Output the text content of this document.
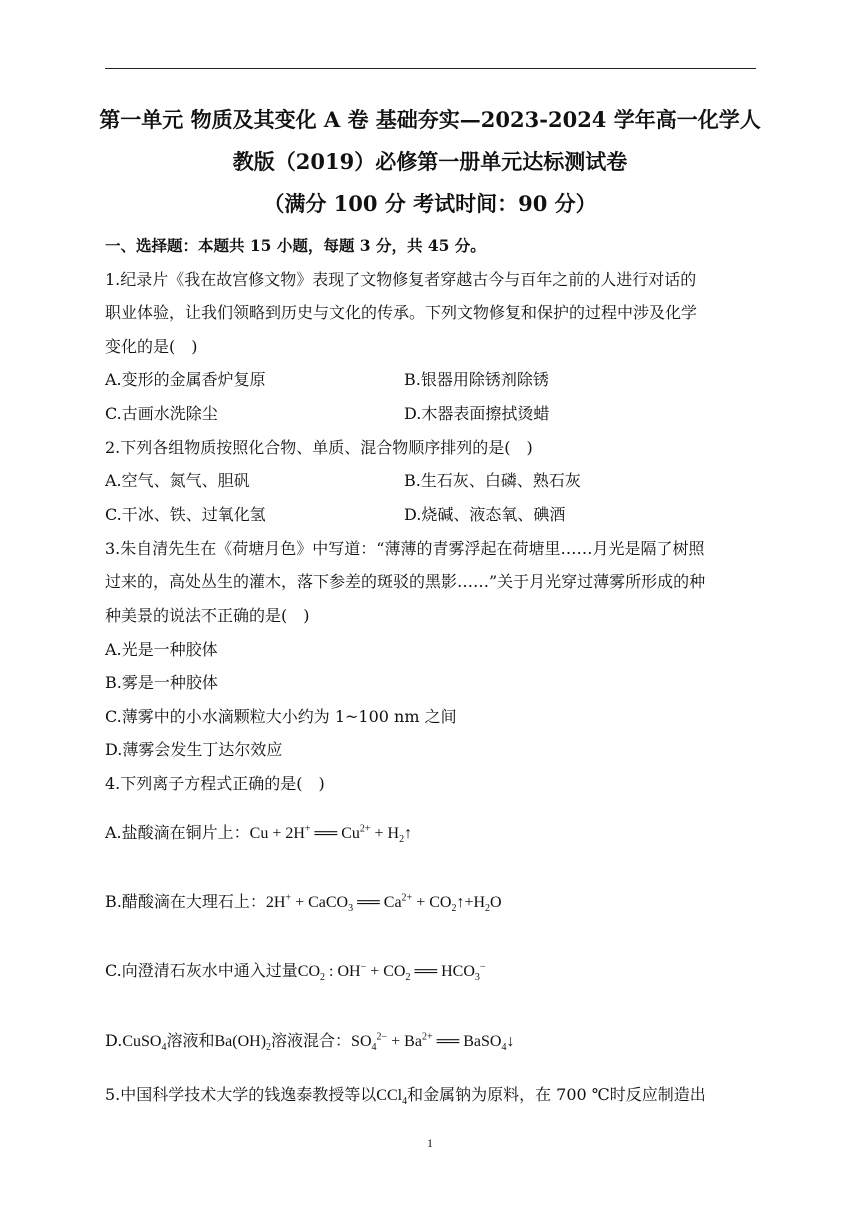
第一单元 物质及其变化 A 卷 基础夯实—2023-2024 学年高一化学人
教版（2019）必修第一册单元达标测试卷
（满分 100 分 考试时间：90 分）
一、选择题：本题共 15 小题，每题 3 分，共 45 分。
1.纪录片《我在故宫修文物》表现了文物修复者穿越古今与百年之前的人进行对话的
职业体验，让我们领略到历史与文化的传承。下列文物修复和保护的过程中涉及化学
变化的是(　)
A.变形的金属香炉复原	B.银器用除锈剂除锈
C.古画水洗除尘	D.木器表面擦拭烫蜡
2.下列各组物质按照化合物、单质、混合物顺序排列的是(　)
A.空气、氮气、胆矾	B.生石灰、白磷、熟石灰
C.干冰、铁、过氧化氢	D.烧碱、液态氧、碘酒
3.朱自清先生在《荷塘月色》中写道：“薄薄的青雾浮起在荷塘里……月光是隔了树照
过来的，高处丛生的灌木，落下参差的斑驳的黑影……”关于月光穿过薄雾所形成的种
种美景的说法不正确的是(　)
A.光是一种胶体
B.雾是一种胶体
C.薄雾中的小水滴颗粒大小约为 1~100 nm 之间
D.薄雾会发生丁达尔效应
4.下列离子方程式正确的是(　)
A.盐酸滴在铜片上：Cu + 2H+ ══ $Cu^{2+}$ + $H_2↑$
B.醋酸滴在大理石上：2H+ + CaCO$_3$ ══ $Ca^{2+}$ + $CO_2↑+H_2O$
C.向澄清石灰水中通入过量$CO_2$ : $OH^- + CO_2$ ══ $HCO_3^-$
D.CuSO$_4$溶液和$Ba(OH)_2$溶液混合：$SO_4^{2-} + Ba^{2+}$ ══ BaSO$_4$↓
5.中国科学技术大学的钱逸泰教授等以CCl$_4$和金属钠为原料，在 700 ℃时反应制造出
1
